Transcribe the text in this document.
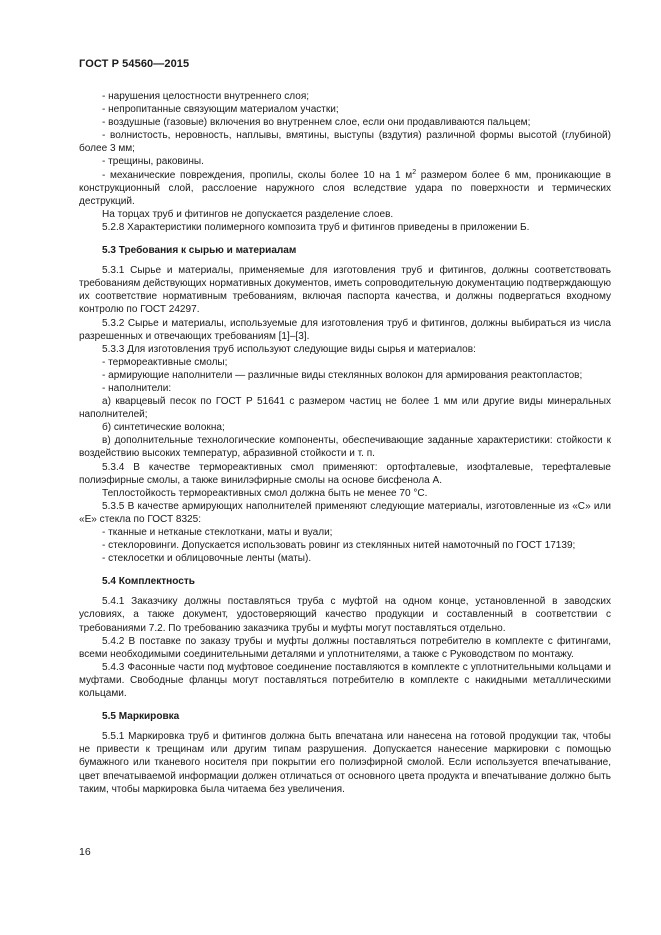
ГОСТ Р 54560—2015

- нарушения целостности внутреннего слоя;

- непропитанные связующим материалом участки;

- воздушные (газовые) включения во внутреннем слое, если они продавливаются пальцем;

- волнистость, неровность, наплывы, вмятины, выступы (вздутия) различной формы высотой (глубиной) более 3 мм;

- трещины, раковины.

- механические повреждения, пропилы, сколы более 10 на 1 $м^2$ размером более 6 мм, проникающие в конструкционный слой, расслоение наружного слоя вследствие удара по поверхности и термических деструкций.

На торцах труб и фитингов не допускается разделение слоев.

5.2.8 Характеристики полимерного композита труб и фитингов приведены в приложении Б.

5.3 Требования к сырью и материалам

5.3.1 Сырье и материалы, применяемые для изготовления труб и фитингов, должны соответствовать требованиям действующих нормативных документов, иметь сопроводительную документацию подтверждающую их соответствие нормативным требованиям, включая паспорта качества, и должны подвергаться входному контролю по ГОСТ 24297.

5.3.2 Сырье и материалы, используемые для изготовления труб и фитингов, должны выбираться из числа разрешенных и отвечающих требованиям [1]–[3].

5.3.3 Для изготовления труб используют следующие виды сырья и материалов:

- термореактивные смолы;

- армирующие наполнители — различные виды стеклянных волокон для армирования реактопластов;

- наполнители:

а) кварцевый песок по ГОСТ Р 51641 с размером частиц не более 1 мм или другие виды минеральных наполнителей;

б) синтетические волокна;

в) дополнительные технологические компоненты, обеспечивающие заданные характеристики: стойкости к воздействию высоких температур, абразивной стойкости и т. п.

5.3.4 В качестве термореактивных смол применяют: ортофталевые, изофталевые, терефталевые полиэфирные смолы, а также винилэфирные смолы на основе бисфенола А.

Теплостойкость термореактивных смол должна быть не менее 70 °С.

5.3.5 В качестве армирующих наполнителей применяют следующие материалы, изготовленные из «С» или «Е» стекла по ГОСТ 8325:

- тканные и нетканые стеклоткани, маты и вуали;

- стеклоровинги. Допускается использовать ровинг из стеклянных нитей намоточный по ГОСТ 17139;

- стеклосетки и облицовочные ленты (маты).

5.4 Комплектность

5.4.1 Заказчику должны поставляться труба с муфтой на одном конце, установленной в заводских условиях, а также документ, удостоверяющий качество продукции и составленный в соответствии с требованиями 7.2. По требованию заказчика трубы и муфты могут поставляться отдельно.

5.4.2 В поставке по заказу трубы и муфты должны поставляться потребителю в комплекте с фитингами, всеми необходимыми соединительными деталями и уплотнителями, а также с Руководством по монтажу.

5.4.3 Фасонные части под муфтовое соединение поставляются в комплекте с уплотнительными кольцами и муфтами. Свободные фланцы могут поставляться потребителю в комплекте с накидными металлическими кольцами.

5.5 Маркировка

5.5.1 Маркировка труб и фитингов должна быть впечатана или нанесена на готовой продукции так, чтобы не привести к трещинам или другим типам разрушения. Допускается нанесение маркировки с помощью бумажного или тканевого носителя при покрытии его полиэфирной смолой. Если используется впечатывание, цвет впечатываемой информации должен отличаться от основного цвета продукта и впечатывание должно быть таким, чтобы маркировка была читаема без увеличения.

16
